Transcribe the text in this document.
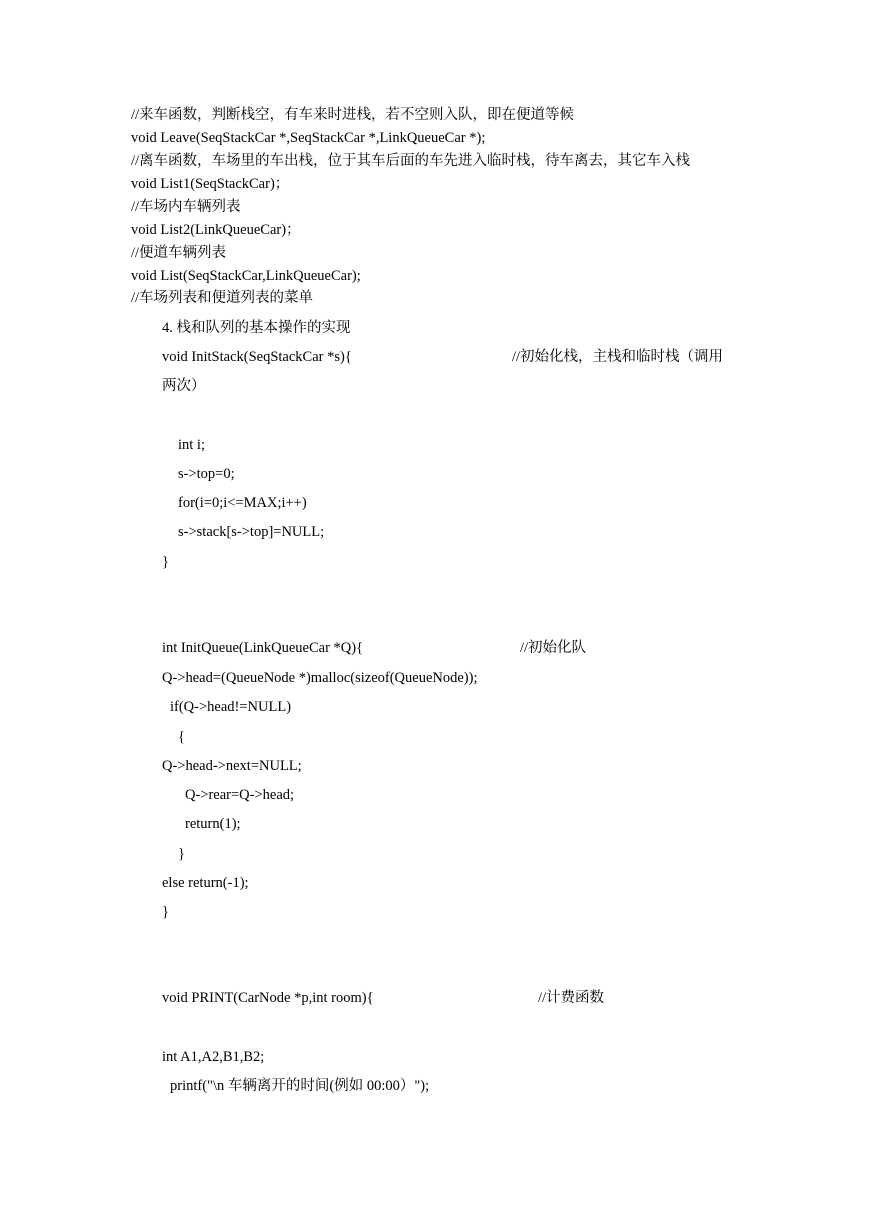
//来车函数，判断栈空，有车来时进栈，若不空则入队，即在便道等候
void Leave(SeqStackCar *,SeqStackCar *,LinkQueueCar *);
//离车函数，车场里的车出栈，位于其车后面的车先进入临时栈，待车离去，其它车入栈
void List1(SeqStackCar)；
//车场内车辆列表
void List2(LinkQueueCar)；
//便道车辆列表
void List(SeqStackCar,LinkQueueCar);
//车场列表和便道列表的菜单
4. 栈和队列的基本操作的实现
void InitStack(SeqStackCar *s){	//初始化栈，主栈和临时栈（调用
两次）
int i;
s->top=0;
for(i=0;i<=MAX;i++)
s->stack[s->top]=NULL;
}
int InitQueue(LinkQueueCar *Q){	//初始化队
Q->head=(QueueNode *)malloc(sizeof(QueueNode));
if(Q->head!=NULL)
{
Q->head->next=NULL;
Q->rear=Q->head;
return(1);
}
else return(-1);
}
void PRINT(CarNode *p,int room){	//计费函数
int A1,A2,B1,B2;
printf("\n 车辆离开的时间(例如 00:00）");
